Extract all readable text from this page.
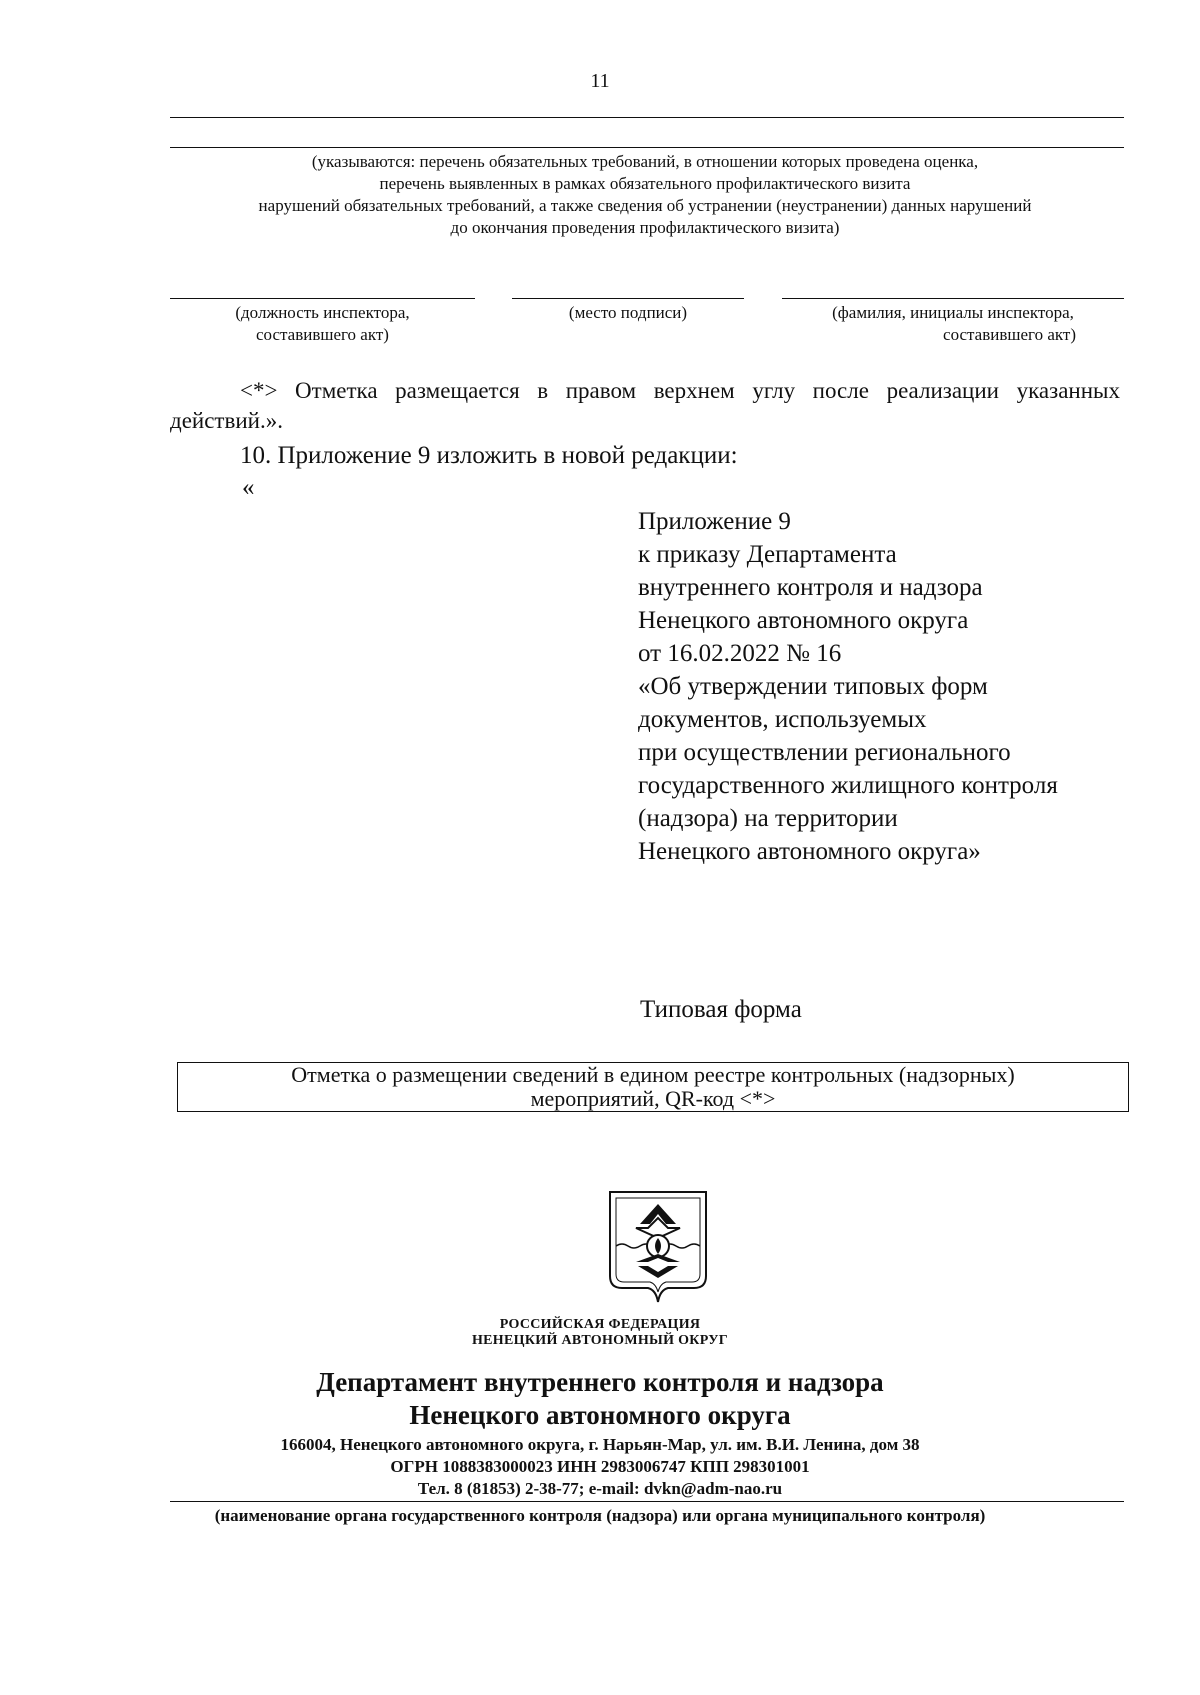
11
(указываются: перечень обязательных требований, в отношении которых проведена оценка,
перечень выявленных в рамках обязательного профилактического визита
нарушений обязательных требований, а также сведения об устранении (неустранении) данных нарушений
до окончания проведения профилактического визита)
(должность инспектора,
составившего акт)
(место подписи)	(фамилия, инициалы инспектора,
составившего акт)
<*> Отметка размещается в правом верхнем углу после реализации указанных
действий.».
10. Приложение 9 изложить в новой редакции:
«
Приложение 9
к приказу Департамента
внутреннего контроля и надзора
Ненецкого автономного округа
от 16.02.2022 № 16
«Об утверждении типовых форм
документов, используемых
при осуществлении регионального
государственного жилищного контроля
(надзора) на территории
Ненецкого автономного округа»
Типовая форма
Отметка о размещении сведений в едином реестре контрольных (надзорных)
мероприятий, QR-код <*>
РОССИЙСКАЯ ФЕДЕРАЦИЯ
НЕНЕЦКИЙ АВТОНОМНЫЙ ОКРУГ
Департамент внутреннего контроля и надзора
Ненецкого автономного округа
166004, Ненецкого автономного округа, г. Нарьян-Мар, ул. им. В.И. Ленина, дом 38
ОГРН 1088383000023 ИНН 2983006747 КПП 298301001
Тел. 8 (81853) 2-38-77; e-mail: dvkn@adm-nao.ru
(наименование органа государственного контроля (надзора) или органа муниципального контроля)
